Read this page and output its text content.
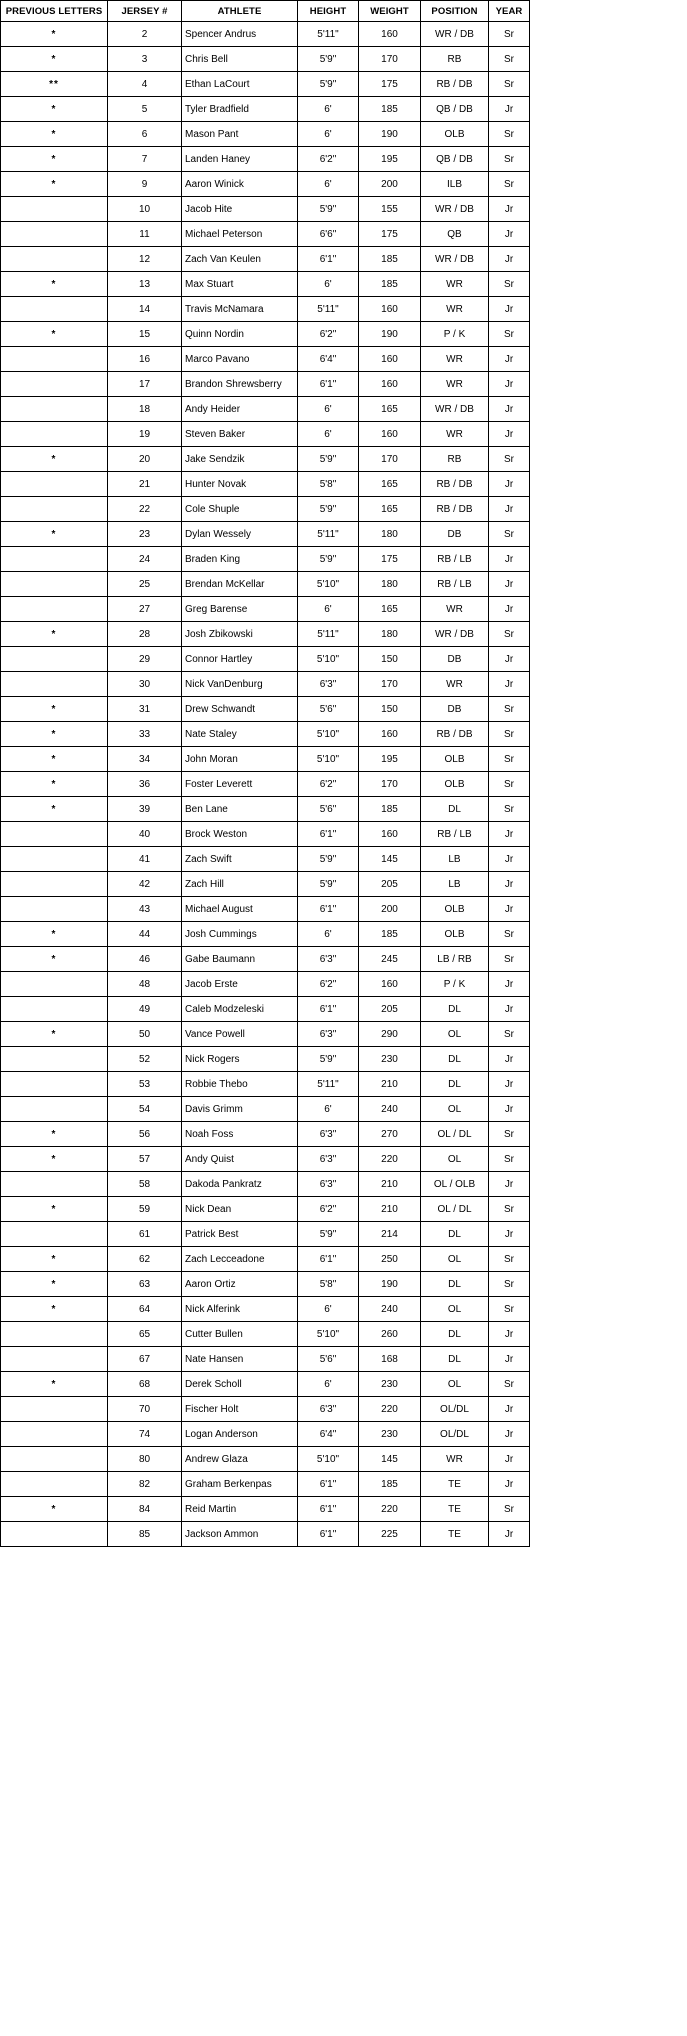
PREVIOUS LETTERS	JERSEY #	ATHLETE	HEIGHT	WEIGHT	POSITION	YEAR
*	2	Spencer Andrus	5'11"	160	WR / DB	Sr
*	3	Chris Bell	5'9"	170	RB	Sr
**	4	Ethan LaCourt	5'9"	175	RB / DB	Sr
*	5	Tyler Bradfield	6'	185	QB / DB	Jr
*	6	Mason Pant	6'	190	OLB	Sr
*	7	Landen Haney	6'2"	195	QB / DB	Sr
*	9	Aaron Winick	6'	200	ILB	Sr
	10	Jacob Hite	5'9"	155	WR / DB	Jr
	11	Michael Peterson	6'6"	175	QB	Jr
	12	Zach Van Keulen	6'1"	185	WR / DB	Jr
*	13	Max Stuart	6'	185	WR	Sr
	14	Travis McNamara	5'11"	160	WR	Jr
*	15	Quinn Nordin	6'2"	190	P / K	Sr
	16	Marco Pavano	6'4"	160	WR	Jr
	17	Brandon Shrewsberry	6'1"	160	WR	Jr
	18	Andy Heider	6'	165	WR / DB	Jr
	19	Steven Baker	6'	160	WR	Jr
*	20	Jake Sendzik	5'9"	170	RB	Sr
	21	Hunter Novak	5'8"	165	RB / DB	Jr
	22	Cole Shuple	5'9"	165	RB / DB	Jr
*	23	Dylan Wessely	5'11"	180	DB	Sr
	24	Braden King	5'9"	175	RB / LB	Jr
	25	Brendan McKellar	5'10"	180	RB / LB	Jr
	27	Greg Barense	6'	165	WR	Jr
*	28	Josh Zbikowski	5'11"	180	WR / DB	Sr
	29	Connor Hartley	5'10"	150	DB	Jr
	30	Nick VanDenburg	6'3"	170	WR	Jr
*	31	Drew Schwandt	5'6"	150	DB	Sr
*	33	Nate Staley	5'10"	160	RB / DB	Sr
*	34	John Moran	5'10"	195	OLB	Sr
*	36	Foster Leverett	6'2"	170	OLB	Sr
*	39	Ben Lane	5'6"	185	DL	Sr
	40	Brock Weston	6'1"	160	RB / LB	Jr
	41	Zach Swift	5'9"	145	LB	Jr
	42	Zach Hill	5'9"	205	LB	Jr
	43	Michael August	6'1"	200	OLB	Jr
*	44	Josh Cummings	6'	185	OLB	Sr
*	46	Gabe Baumann	6'3"	245	LB / RB	Sr
	48	Jacob Erste	6'2"	160	P / K	Jr
	49	Caleb Modzeleski	6'1"	205	DL	Jr
*	50	Vance Powell	6'3"	290	OL	Sr
	52	Nick Rogers	5'9"	230	DL	Jr
	53	Robbie Thebo	5'11"	210	DL	Jr
	54	Davis Grimm	6'	240	OL	Jr
*	56	Noah Foss	6'3"	270	OL / DL	Sr
*	57	Andy Quist	6'3"	220	OL	Sr
	58	Dakoda Pankratz	6'3"	210	OL / OLB	Jr
*	59	Nick Dean	6'2"	210	OL / DL	Sr
	61	Patrick Best	5'9"	214	DL	Jr
*	62	Zach Lecceadone	6'1"	250	OL	Sr
*	63	Aaron Ortiz	5'8"	190	DL	Sr
*	64	Nick Alferink	6'	240	OL	Sr
	65	Cutter Bullen	5'10"	260	DL	Jr
	67	Nate Hansen	5'6"	168	DL	Jr
*	68	Derek Scholl	6'	230	OL	Sr
	70	Fischer Holt	6'3"	220	OL/DL	Jr
	74	Logan Anderson	6'4"	230	OL/DL	Jr
	80	Andrew Glaza	5'10"	145	WR	Jr
	82	Graham Berkenpas	6'1"	185	TE	Jr
*	84	Reid Martin	6'1"	220	TE	Sr
	85	Jackson Ammon	6'1"	225	TE	Jr
